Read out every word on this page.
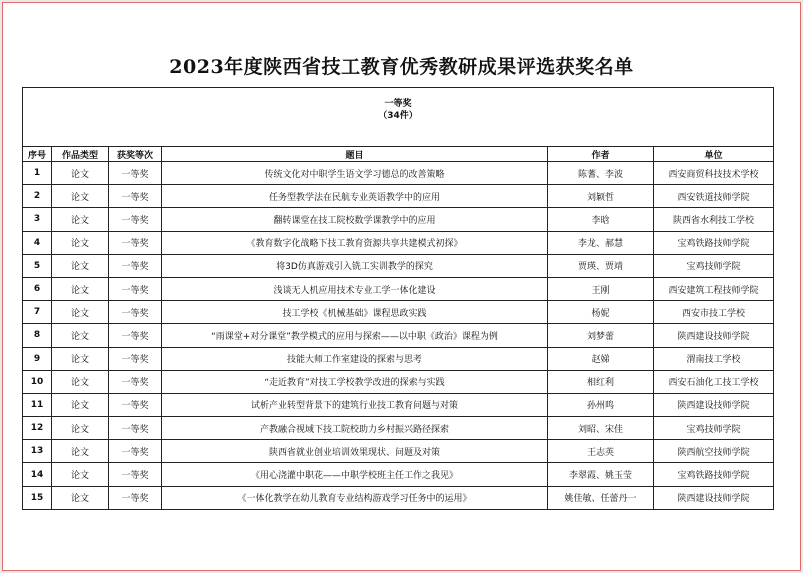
2023年度陕西省技工教育优秀教研成果评选获奖名单
一等奖
（34件）					

序号	作品类型	获奖等次	题目	作者	单位
1	论文	一等奖	传统文化对中职学生语文学习德总的改善策略	陈蓍、李波	西安商贸科技技术学校
2	论文	一等奖	任务型教学法在民航专业英语教学中的应用	刘颖哲	西安铁道技师学院
3	论文	一等奖	翻转课堂在技工院校数学课教学中的应用	李晗	陕西省水利技工学校
4	论文	一等奖	《教育数字化战略下技工教育资源共享共建模式初探》	李龙、郝慧	宝鸡铁路技师学院
5	论文	一等奖	将3D仿真游戏引入铣工实训教学的探究	贾瑛、贾靖	宝鸡技师学院
6	论文	一等奖	浅谈无人机应用技术专业工学一体化建设	王刚	西安建筑工程技师学院
7	论文	一等奖	技工学校《机械基础》课程思政实践	杨妮	西安市技工学校
8	论文	一等奖	“雨课堂+对分课堂”教学模式的应用与探索——以中职《政治》课程为例	刘梦蕾	陕西建设技师学院
9	论文	一等奖	技能大师工作室建设的探索与思考	赵娣	渭南技工学校
10	论文	一等奖	“走近教育”对技工学校教学改进的探索与实践	相红利	西安石油化工技工学校
11	论文	一等奖	试析产业转型背景下的建筑行业技工教育问题与对策	孙州鸣	陕西建设技师学院
12	论文	一等奖	产教融合视域下技工院校助力乡村振兴路径探索	刘昭、宋佳	宝鸡技师学院
13	论文	一等奖	陕西省就业创业培训效果现状、问题及对策	王志英	陕西航空技师学院
14	论文	一等奖	《用心浇灌中职花——中职学校班主任工作之我见》	李翠霞、姚玉莹	宝鸡铁路技师学院
15	论文	一等奖	《一体化教学在幼儿教育专业结构游戏学习任务中的运用》	姚佳敏、任蕾丹一	陕西建设技师学院
